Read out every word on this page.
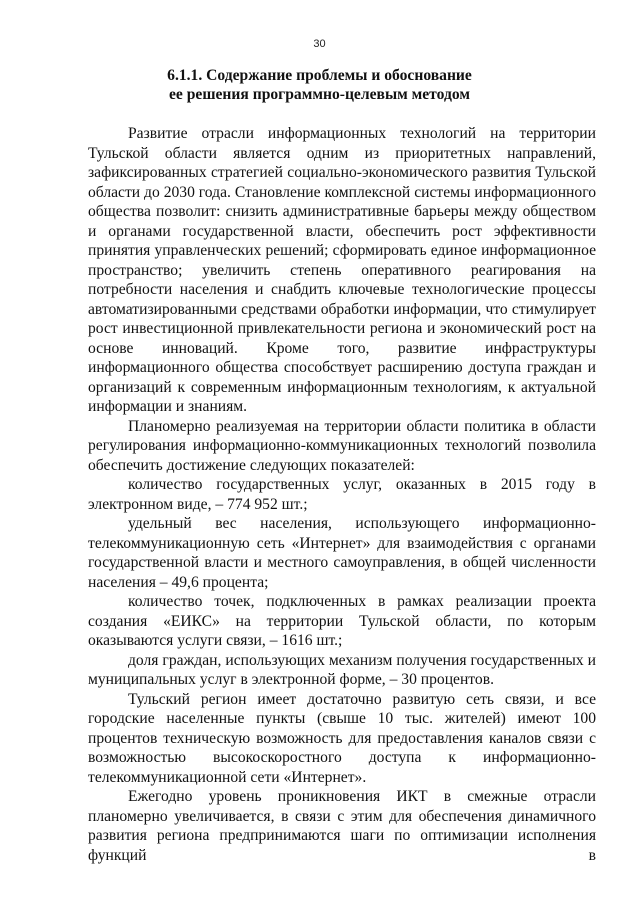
30
6.1.1. Содержание проблемы и обоснование
ее решения программно-целевым методом

Развитие отрасли информационных технологий на территории Тульской области является одним из приоритетных направлений, зафиксированных стратегией социально-экономического развития Тульской области до 2030 года. Становление комплексной системы информационного общества позволит: снизить административные барьеры между обществом и органами государственной власти, обеспечить рост эффективности принятия управленческих решений; сформировать единое информационное пространство; увеличить степень оперативного реагирования на потребности населения и снабдить ключевые технологические процессы автоматизированными средствами обработки информации, что стимулирует рост инвестиционной привлекательности региона и экономический рост на основе инноваций. Кроме того, развитие инфраструктуры информационного общества способствует расширению доступа граждан и организаций к современным информационным технологиям, к актуальной информации и знаниям.

Планомерно реализуемая на территории области политика в области регулирования информационно-коммуникационных технологий позволила обеспечить достижение следующих показателей:

количество государственных услуг, оказанных в 2015 году в электронном виде, – 774 952 шт.;

удельный вес населения, использующего информационно-телекоммуникационную сеть «Интернет» для взаимодействия с органами государственной власти и местного самоуправления, в общей численности населения – 49,6 процента;

количество точек, подключенных в рамках реализации проекта создания «ЕИКС» на территории Тульской области, по которым оказываются услуги связи, – 1616 шт.;

доля граждан, использующих механизм получения государственных и муниципальных услуг в электронной форме, – 30 процентов.

Тульский регион имеет достаточно развитую сеть связи, и все городские населенные пункты (свыше 10 тыс. жителей) имеют 100 процентов техническую возможность для предоставления каналов связи с возможностью высокоскоростного доступа к информационно-телекоммуникационной сети «Интернет».

Ежегодно уровень проникновения ИКТ в смежные отрасли планомерно увеличивается, в связи с этим для обеспечения динамичного развития региона предпринимаются шаги по оптимизации исполнения функций в
